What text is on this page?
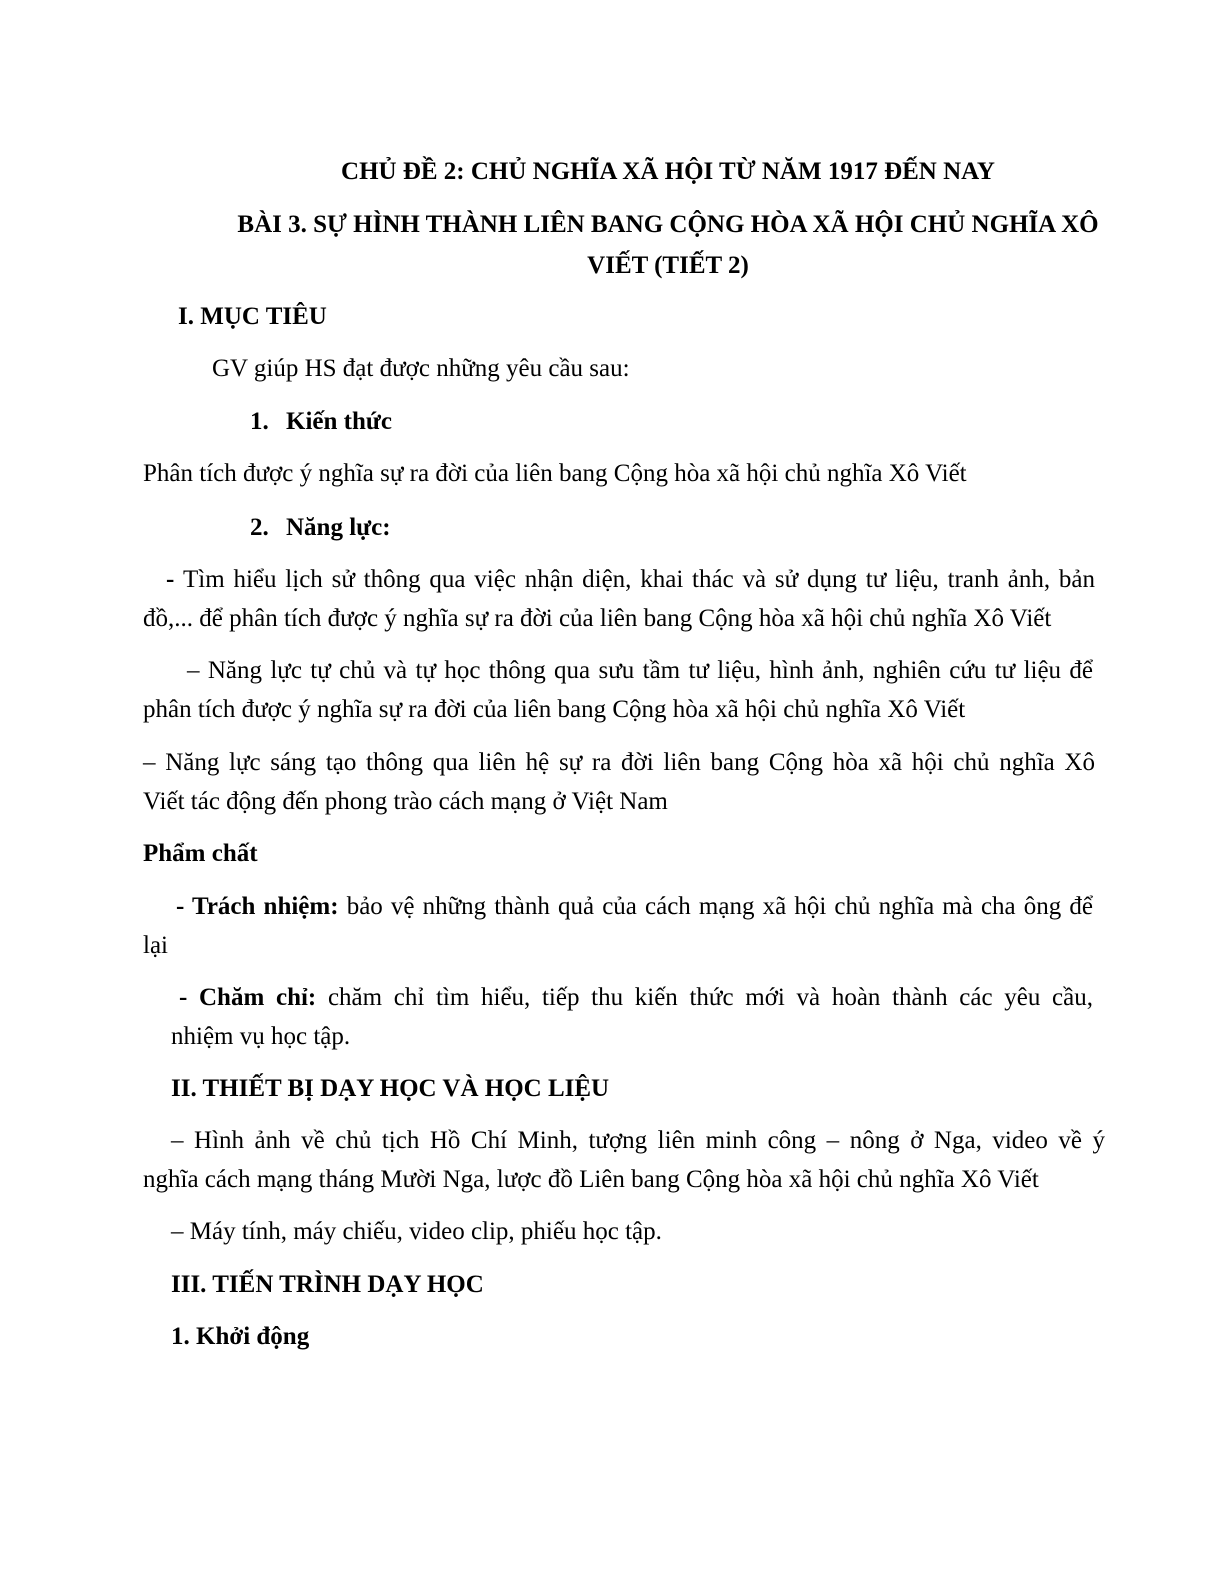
CHỦ ĐỀ 2: CHỦ NGHĨA XÃ HỘI TỪ NĂM 1917 ĐẾN NAY
BÀI 3. SỰ HÌNH THÀNH LIÊN BANG CỘNG HÒA XÃ HỘI CHỦ NGHĨA XÔ
VIẾT (TIẾT 2)
I. MỤC TIÊU
GV giúp HS đạt được những yêu cầu sau:
1. Kiến thức
Phân tích được ý nghĩa sự ra đời của liên bang Cộng hòa xã hội chủ nghĩa Xô Viết
2. Năng lực:
- Tìm hiểu lịch sử thông qua việc nhận diện, khai thác và sử dụng tư liệu, tranh ảnh, bản
đồ,... để phân tích được ý nghĩa sự ra đời của liên bang Cộng hòa xã hội chủ nghĩa Xô Viết
– Năng lực tự chủ và tự học thông qua sưu tầm tư liệu, hình ảnh, nghiên cứu tư liệu để
phân tích được ý nghĩa sự ra đời của liên bang Cộng hòa xã hội chủ nghĩa Xô Viết
– Năng lực sáng tạo thông qua liên hệ sự ra đời liên bang Cộng hòa xã hội chủ nghĩa Xô
Viết tác động đến phong trào cách mạng ở Việt Nam
Phẩm chất
- Trách nhiệm: bảo vệ những thành quả của cách mạng xã hội chủ nghĩa mà cha ông để
lại
- Chăm chỉ: chăm chỉ tìm hiểu, tiếp thu kiến thức mới và hoàn thành các yêu cầu,
nhiệm vụ học tập.
II. THIẾT BỊ DẠY HỌC VÀ HỌC LIỆU
– Hình ảnh về chủ tịch Hồ Chí Minh, tượng liên minh công – nông ở Nga, video về ý
nghĩa cách mạng tháng Mười Nga, lược đồ Liên bang Cộng hòa xã hội chủ nghĩa Xô Viết
– Máy tính, máy chiếu, video clip, phiếu học tập.
III. TIẾN TRÌNH DẠY HỌC
1. Khởi động
